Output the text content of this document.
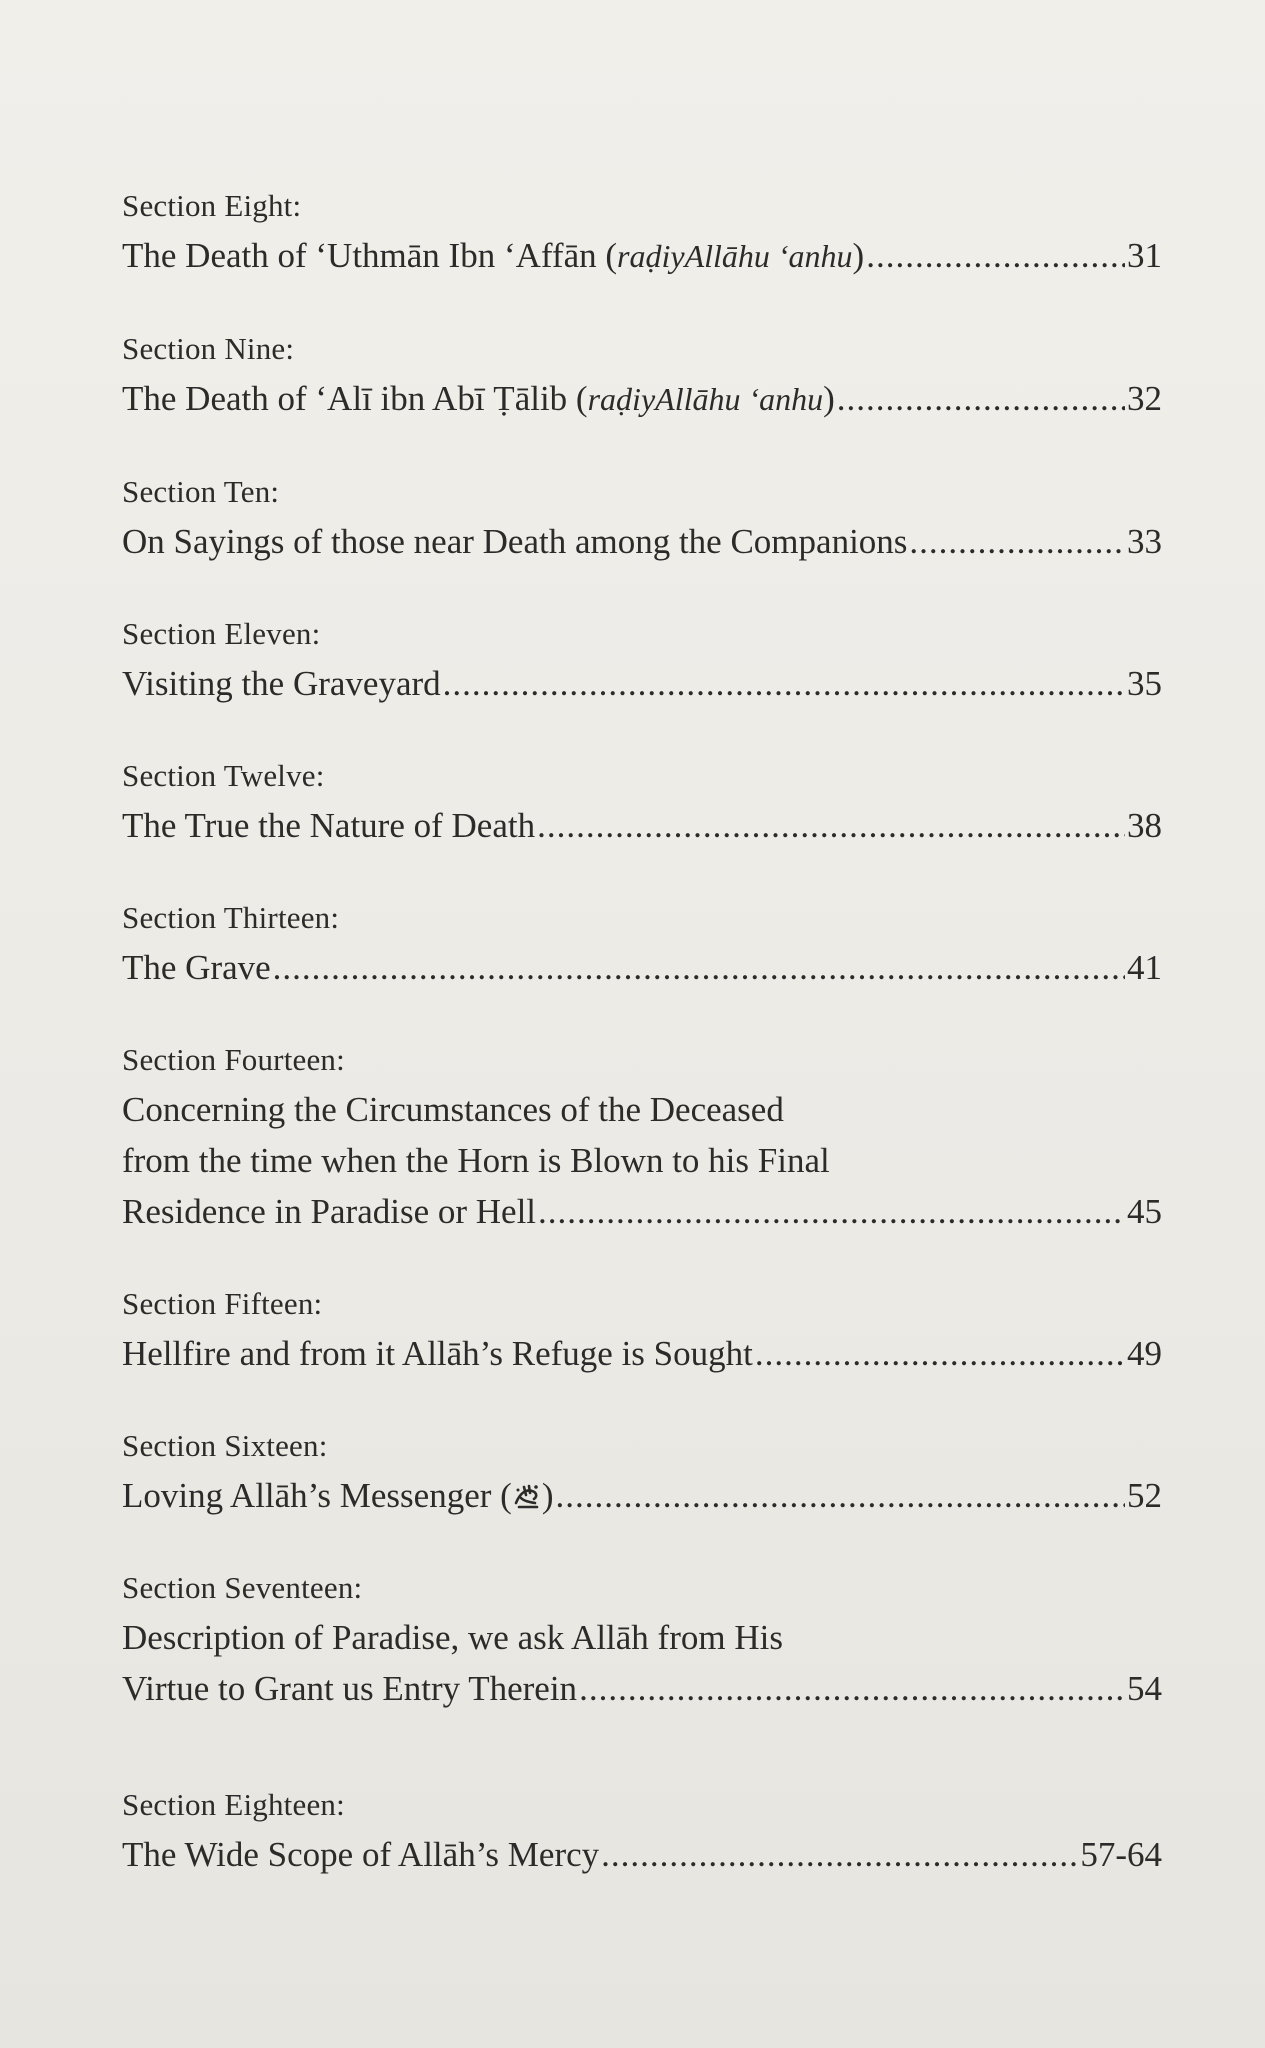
Section Eight:
The Death of ‘Uthmān Ibn ‘Affān (raḍiyAllāhu ‘anhu) .....	31
Section Nine:
The Death of ‘Alī ibn Abī Ṭālib (raḍiyAllāhu ‘anhu) .....	32
Section Ten:
On Sayings of those near Death among the Companions .....	33
Section Eleven:
Visiting the Graveyard .....	35
Section Twelve:
The True the Nature of Death .....	38
Section Thirteen:
The Grave .....	41
Section Fourteen:
Concerning the Circumstances of the Deceased
from the time when the Horn is Blown to his Final
Residence in Paradise or Hell .....	45
Section Fifteen:
Hellfire and from it Allāh’s Refuge is Sought .....	49
Section Sixteen:
Loving Allāh’s Messenger ( ) .....	52
Section Seventeen:
Description of Paradise, we ask Allāh from His
Virtue to Grant us Entry Therein .....	54
Section Eighteen:
The Wide Scope of Allāh’s Mercy .....	57-64
